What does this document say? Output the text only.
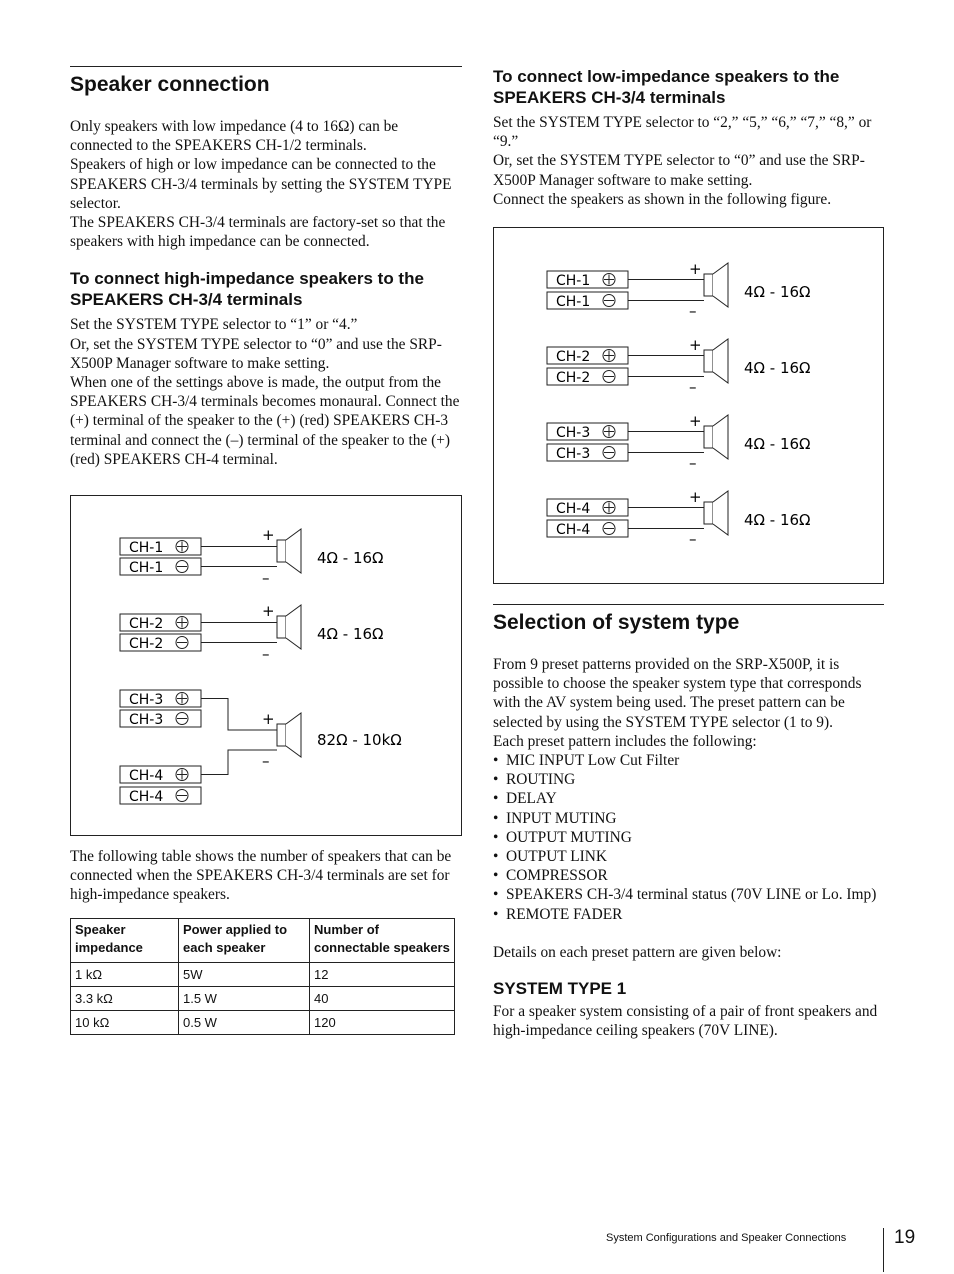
Speaker connection

Only speakers with low impedance (4 to 16Ω) can be connected to the SPEAKERS CH-1/2 terminals.

Speakers of high or low impedance can be connected to the SPEAKERS CH-3/4 terminals by setting the SYSTEM TYPE selector.

The SPEAKERS CH-3/4 terminals are factory-set so that the speakers with high impedance can be connected.

To connect high-impedance speakers to the SPEAKERS CH-3/4 terminals

Set the SYSTEM TYPE selector to “1” or “4.”

Or, set the SYSTEM TYPE selector to “0” and use the SRP-X500P Manager software to make setting.

When one of the settings above is made, the output from the SPEAKERS CH-3/4 terminals becomes monaural. Connect the (+) terminal of the speaker to the (+) (red) SPEAKERS CH-3 terminal and connect the (–) terminal of the speaker to the (+) (red) SPEAKERS CH-4 terminal.

CH-1
CH-1
+
–
4Ω - 16Ω
CH-2
CH-2
+
–
4Ω - 16Ω
CH-3
CH-3
CH-4
CH-4
+
–
82Ω - 10kΩ

The following table shows the number of speakers that can be connected when the SPEAKERS CH-3/4 terminals are set for high-impedance speakers.

Speaker impedance	Power applied to each speaker	Number of connectable speakers
1 kΩ	5W	12
3.3 kΩ	1.5 W	40
10 kΩ	0.5 W	120
To connect low-impedance speakers to the SPEAKERS CH-3/4 terminals

Set the SYSTEM TYPE selector to “2,” “5,” “6,” “7,” “8,” or “9.”

Or, set the SYSTEM TYPE selector to “0” and use the SRP-X500P Manager software to make setting.

Connect the speakers as shown in the following figure.

CH-1
CH-1
+
–
4Ω - 16Ω
CH-2
CH-2
+
–
4Ω - 16Ω
CH-3
CH-3
+
–
4Ω - 16Ω
CH-4
CH-4
+
–
4Ω - 16Ω
Selection of system type

From 9 preset patterns provided on the SRP-X500P, it is possible to choose the speaker system type that corresponds with the AV system being used. The preset pattern can be selected by using the SYSTEM TYPE selector (1 to 9).

Each preset pattern includes the following:

• MIC INPUT Low Cut Filter
• ROUTING
• DELAY
• INPUT MUTING
• OUTPUT MUTING
• OUTPUT LINK
• COMPRESSOR
• SPEAKERS CH-3/4 terminal status (70V LINE or Lo. Imp)
• REMOTE FADER

Details on each preset pattern are given below:

SYSTEM TYPE 1

For a speaker system consisting of a pair of front speakers and high-impedance ceiling speakers (70V LINE).

System Configurations and Speaker Connections	19
